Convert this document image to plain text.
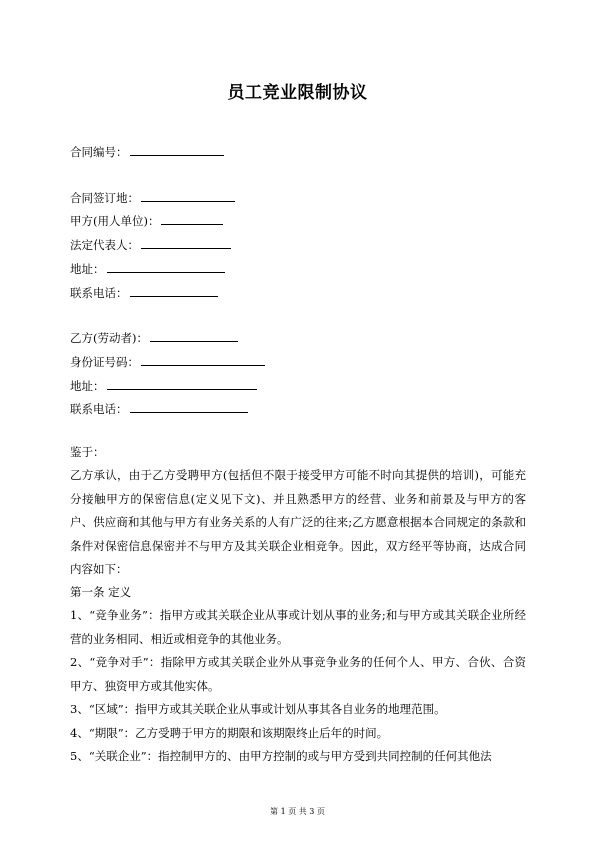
员工竞业限制协议
合同编号：
合同签订地：
甲方(用人单位)：
法定代表人：
地址：
联系电话：
乙方(劳动者)：
身份证号码：
地址：
联系电话：
鉴于：
乙方承认，由于乙方受聘甲方(包括但不限于接受甲方可能不时向其提供的培训)，可能充分接触甲方的保密信息(定义见下文)、并且熟悉甲方的经营、业务和前景及与甲方的客户、供应商和其他与甲方有业务关系的人有广泛的往来;乙方愿意根据本合同规定的条款和条件对保密信息保密并不与甲方及其关联企业相竞争。因此，双方经平等协商，达成合同内容如下：
第一条 定义
1、“竞争业务”：指甲方或其关联企业从事或计划从事的业务;和与甲方或其关联企业所经营的业务相同、相近或相竞争的其他业务。
2、“竞争对手”：指除甲方或其关联企业外从事竞争业务的任何个人、甲方、合伙、合资甲方、独资甲方或其他实体。
3、“区域”：指甲方或其关联企业从事或计划从事其各自业务的地理范围。
4、“期限”：乙方受聘于甲方的期限和该期限终止后年的时间。
5、“关联企业”：指控制甲方的、由甲方控制的或与甲方受到共同控制的任何其他法
第 1 页 共 3 页
